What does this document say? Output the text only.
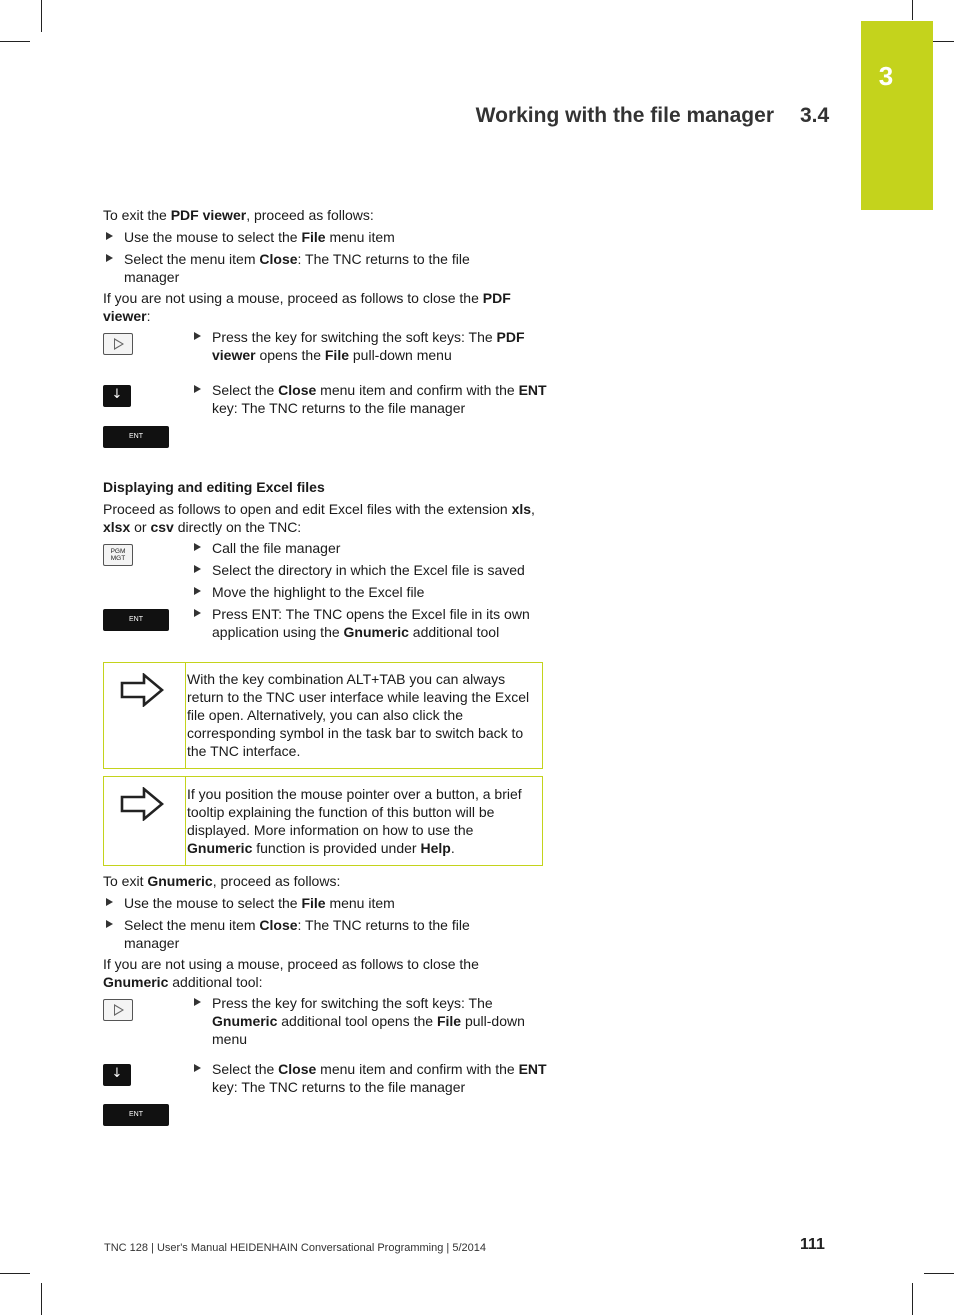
3
Working with the file manager 3.4
To exit the PDF viewer, proceed as follows:
Use the mouse to select the File menu item
Select the menu item Close: The TNC returns to the file manager
If you are not using a mouse, proceed as follows to close the PDF viewer:
Press the key for switching the soft keys: The PDF viewer opens the File pull-down menu
↓	Select the Close menu item and confirm with the ENT key: The TNC returns to the file manager
ENT
Displaying and editing Excel files
Proceed as follows to open and edit Excel files with the extension xls, xlsx or csv directly on the TNC:
PGM
MGT
Call the file manager
Select the directory in which the Excel file is saved
Move the highlight to the Excel file
ENT	Press ENT: The TNC opens the Excel file in its own application using the Gnumeric additional tool
With the key combination ALT+TAB you can always return to the TNC user interface while leaving the Excel file open. Alternatively, you can also click the corresponding symbol in the task bar to switch back to the TNC interface.
If you position the mouse pointer over a button, a brief tooltip explaining the function of this button will be displayed. More information on how to use the Gnumeric function is provided under Help.
To exit Gnumeric, proceed as follows:
Use the mouse to select the File menu item
Select the menu item Close: The TNC returns to the file manager
If you are not using a mouse, proceed as follows to close the Gnumeric additional tool:
Press the key for switching the soft keys: The Gnumeric additional tool opens the File pull-down menu
↓	Select the Close menu item and confirm with the ENT key: The TNC returns to the file manager
ENT
TNC 128 | User's Manual HEIDENHAIN Conversational Programming | 5/2014	111
